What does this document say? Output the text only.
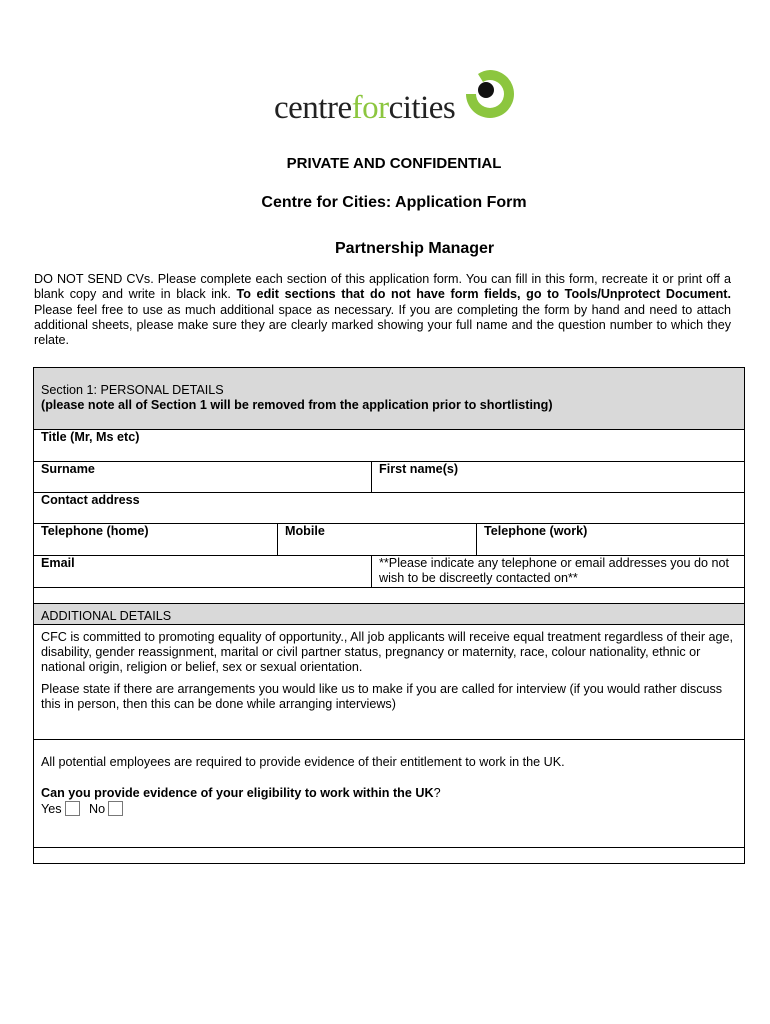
centreforcities
PRIVATE AND CONFIDENTIAL
Centre for Cities: Application Form
Partnership Manager
DO NOT SEND CVs. Please complete each section of this application form. You can fill in this form, recreate it or print off a blank copy and write in black ink. To edit sections that do not have form fields, go to Tools/Unprotect Document. Please feel free to use as much additional space as necessary. If you are completing the form by hand and need to attach additional sheets, please make sure they are clearly marked showing your full name and the question number to which they relate.
Section 1: PERSONAL DETAILS
(please note all of Section 1 will be removed from the application prior to shortlisting)			

Title (Mr, Ms etc)			
Surname		First name(s)	
Contact address			
Telephone (home)	Mobile		Telephone (work)
Email		**Please indicate any telephone or email addresses you do not wish to be discreetly contacted on**	

ADDITIONAL DETAILS			

CFC is committed to promoting equality of opportunity., All job applicants will receive equal treatment regardless of their age, disability, gender reassignment, marital or civil partner status, pregnancy or maternity, race, colour nationality, ethnic or national origin, religion or belief, sex or sexual orientation.

Please state if there are arrangements you would like us to make if you are called for interview (if you would rather discuss this in person, then this can be done while arranging interviews)			

All potential employees are required to provide evidence of their entitlement to work in the UK.
Can you provide evidence of your eligibility to work within the UK?
Yes No			
